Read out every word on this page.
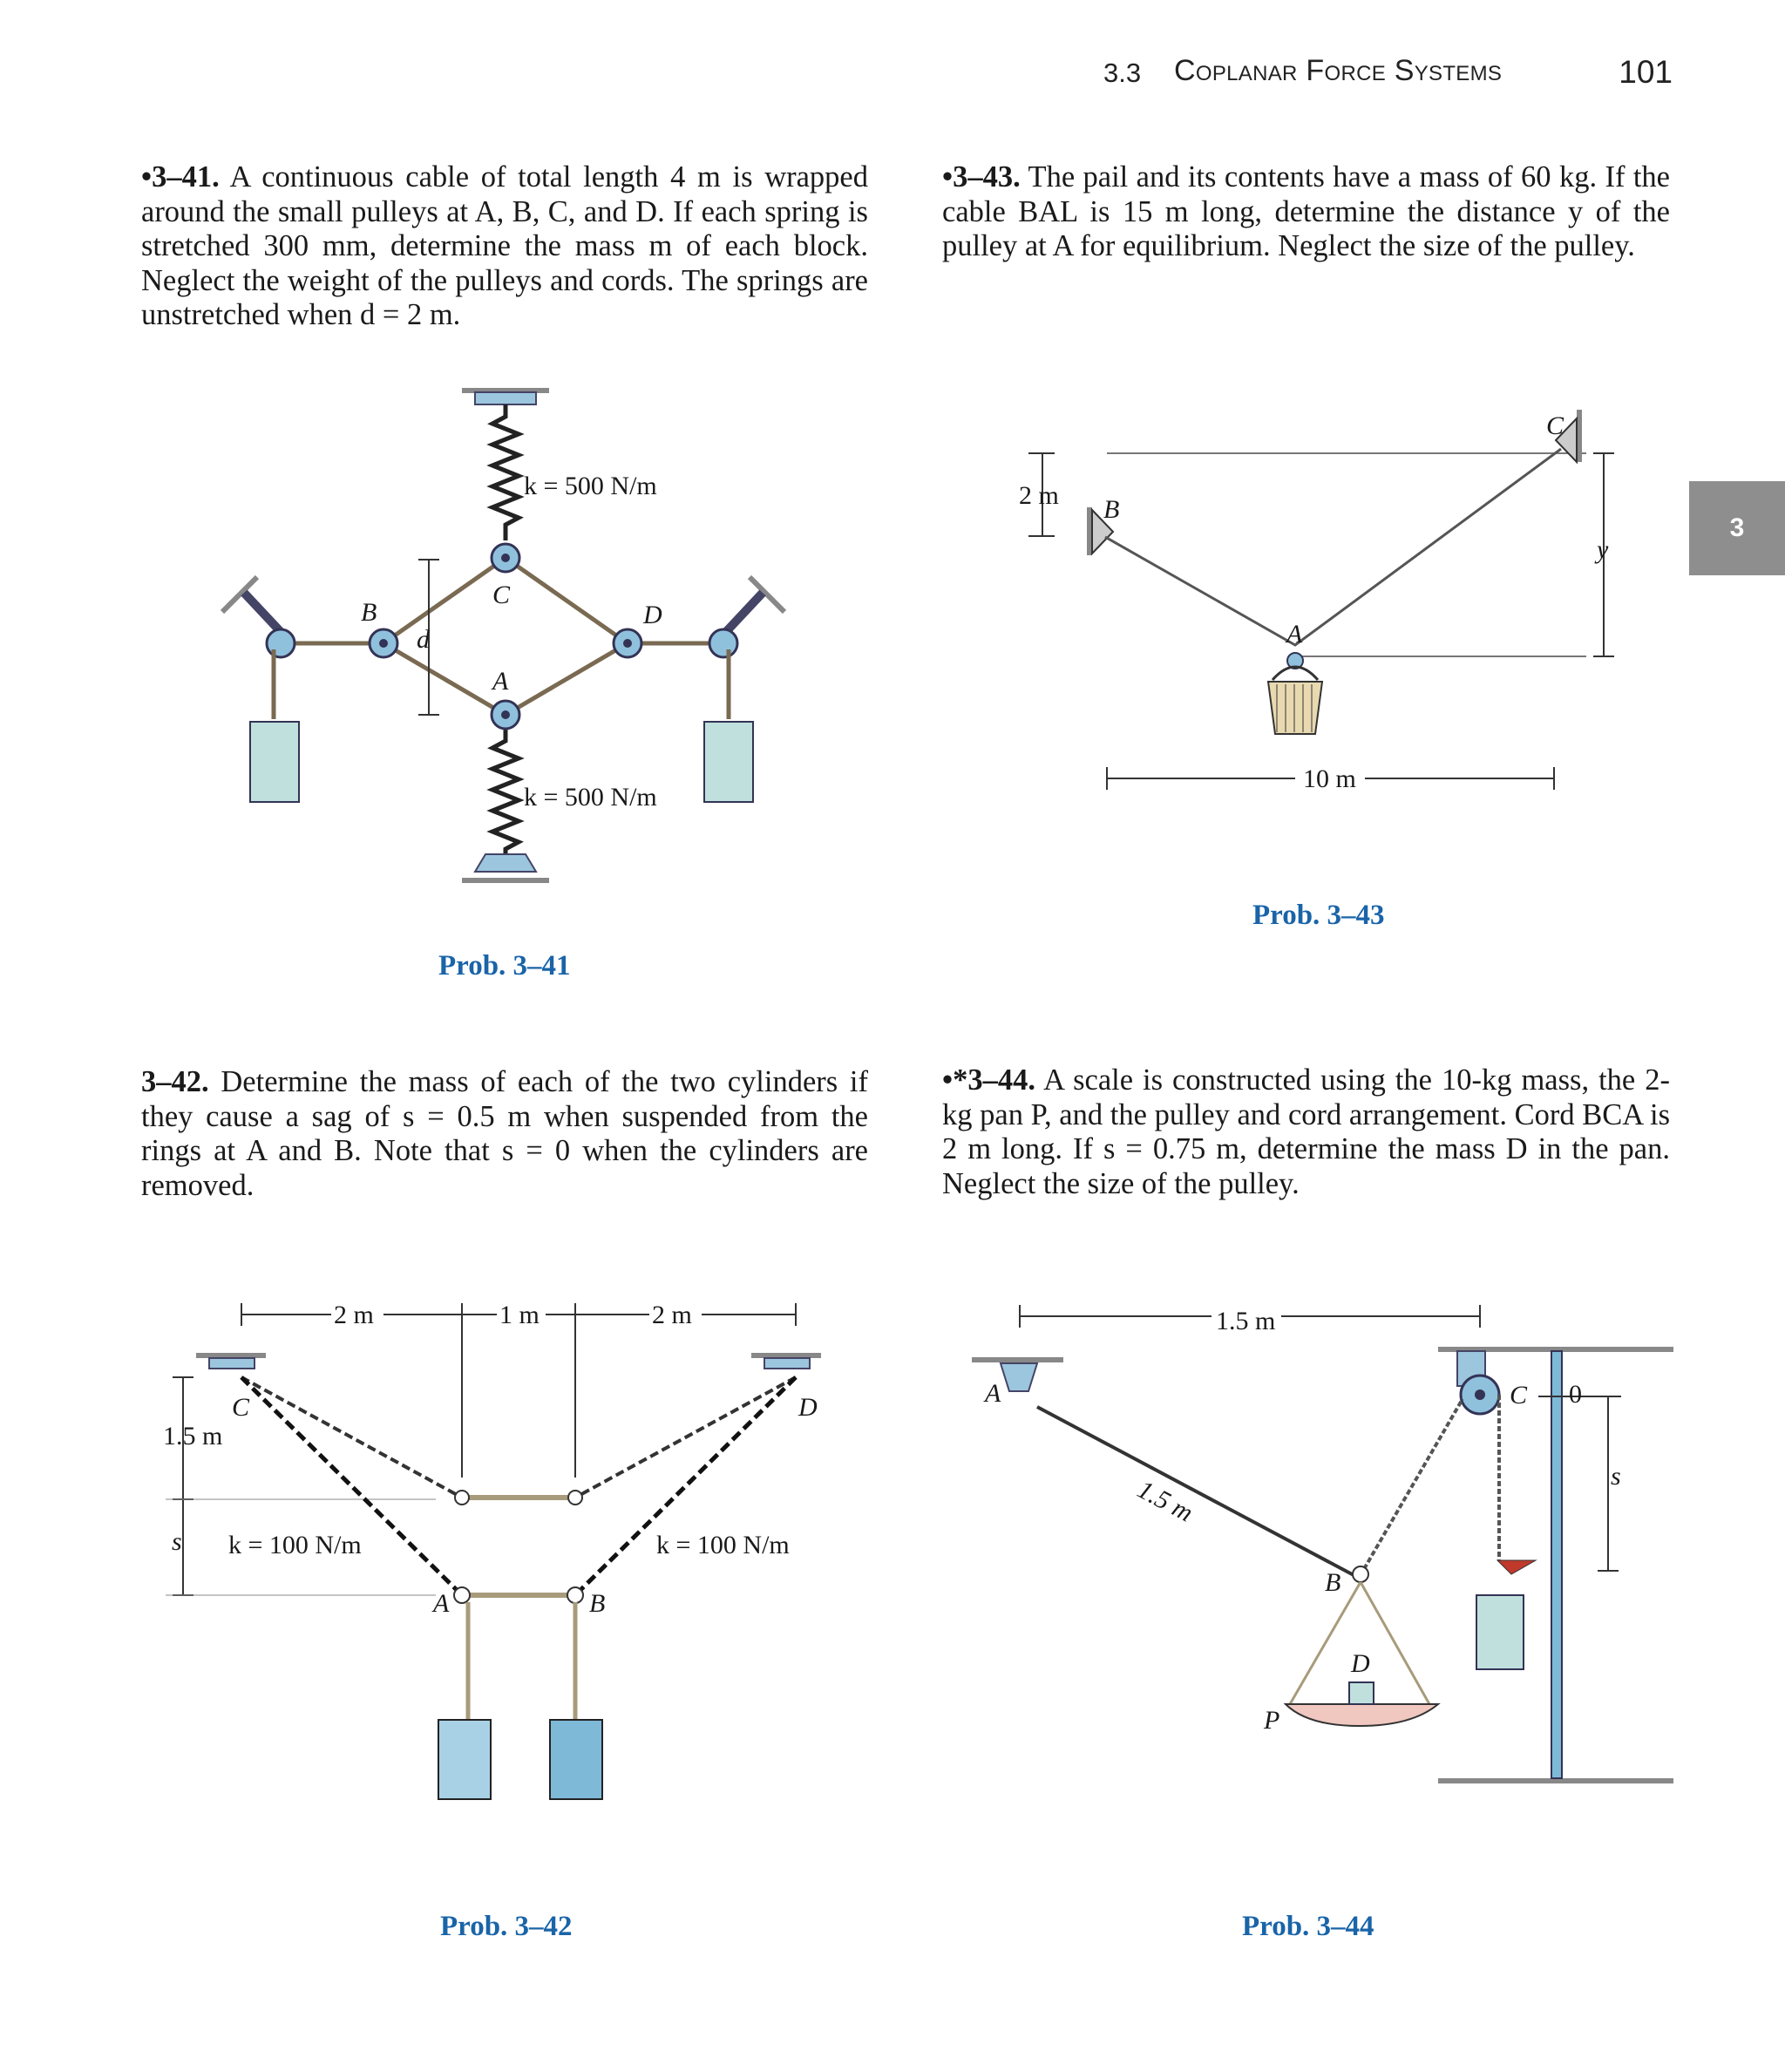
3.3 Coplanar Force Systems	101
3
•3–41. A continuous cable of total length 4 m is wrapped around the small pulleys at A, B, C, and D. If each spring is stretched 300 mm, determine the mass m of each block. Neglect the weight of the pulleys and cords. The springs are unstretched when d = 2 m.
•3–43. The pail and its contents have a mass of 60 kg. If the cable BAL is 15 m long, determine the distance y of the pulley at A for equilibrium. Neglect the size of the pulley.
3–42. Determine the mass of each of the two cylinders if they cause a sag of s = 0.5 m when suspended from the rings at A and B. Note that s = 0 when the cylinders are removed.
•*3–44. A scale is constructed using the 10-kg mass, the 2-kg pan P, and the pulley and cord arrangement. Cord BCA is 2 m long. If s = 0.75 m, determine the mass D in the pan. Neglect the size of the pulley.
Prob. 3–41
Prob. 3–43
Prob. 3–42	Prob. 3–44
d
k = 500 N/m
k = 500 N/m
C
A
B	D
2 m
10 m
B
C
A
y
2 m	1 m	2 m
1.5 m
s k = 100 N/m	k = 100 N/m
C	D
A	B
1.5 m
1.5 m
A
B
C
D
P
0
s
